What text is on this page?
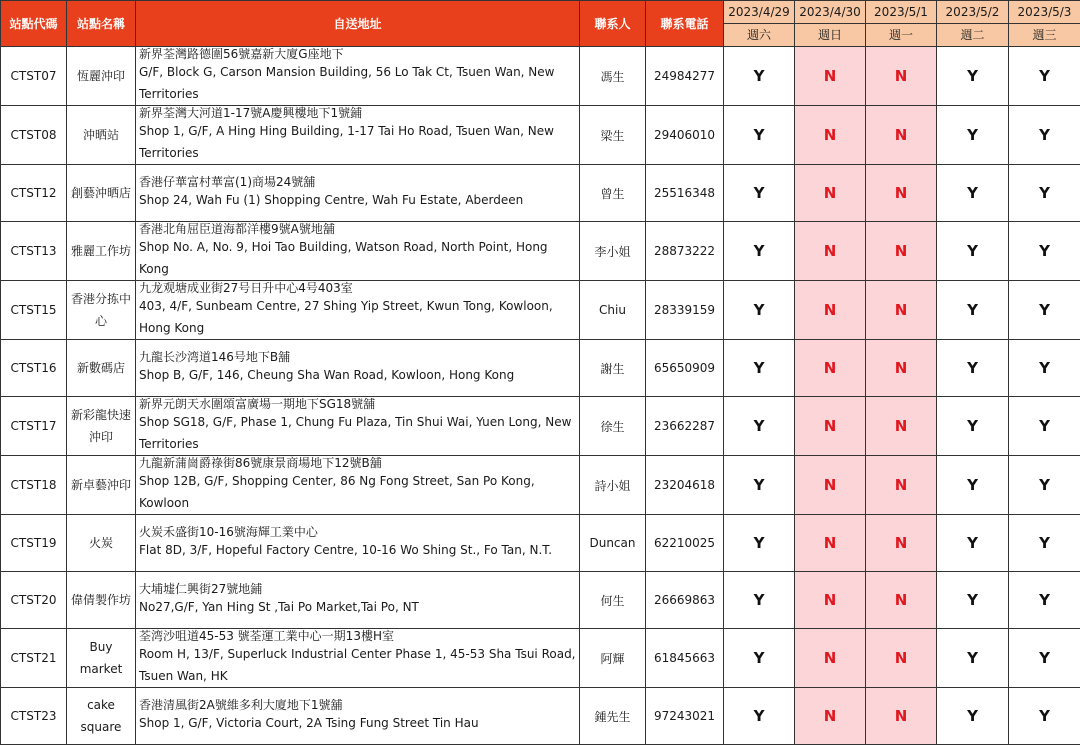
站點代碼	站點名稱	自送地址	聯系人	聯系電話	2023/4/29	2023/4/30	2023/5/1	2023/5/2	2023/5/3
					週六	週日	週一	週二	週三
CTST07	恆麗沖印	新界荃灣路德圍56號嘉新大廈G座地下
G/F, Block G, Carson Mansion Building, 56 Lo Tak Ct, Tsuen Wan, New Territories	馮生	24984277	Y	N	N	Y	Y
CTST08	沖晒站	新界荃灣大河道1-17號A慶興樓地下1號鋪
Shop 1, G/F, A Hing Hing Building, 1-17 Tai Ho Road, Tsuen Wan, New Territories	梁生	29406010	Y	N	N	Y	Y
CTST12	創藝沖晒店	香港仔華富村華富(1)商場24號舖
Shop 24, Wah Fu (1) Shopping Centre, Wah Fu Estate, Aberdeen	曾生	25516348	Y	N	N	Y	Y
CTST13	雅麗工作坊	香港北角屈臣道海都洋樓9號A號地舖
Shop No. A, No. 9, Hoi Tao Building, Watson Road, North Point, Hong Kong	李小姐	28873222	Y	N	N	Y	Y
CTST15	香港分拣中心	九龙观塘成业街27号日升中心4号403室
403, 4/F, Sunbeam Centre, 27 Shing Yip Street, Kwun Tong, Kowloon, Hong Kong	Chiu	28339159	Y	N	N	Y	Y
CTST16	新數碼店	九龍长沙湾道146号地下B舖
Shop B, G/F, 146, Cheung Sha Wan Road, Kowloon, Hong Kong	謝生	65650909	Y	N	N	Y	Y
CTST17	新彩龍快速沖印	新界元朗天水圍頌富廣場一期地下SG18號舖
Shop SG18, G/F, Phase 1, Chung Fu Plaza, Tin Shui Wai, Yuen Long, New Territories	徐生	23662287	Y	N	N	Y	Y
CTST18	新卓藝沖印	九龍新蒲崗爵祿街86號康景商場地下12號B舖
Shop 12B, G/F, Shopping Center, 86 Ng Fong Street, San Po Kong, Kowloon	詩小姐	23204618	Y	N	N	Y	Y
CTST19	火炭	火炭禾盛街10-16號海輝工業中心
Flat 8D, 3/F, Hopeful Factory Centre, 10-16 Wo Shing St., Fo Tan, N.T.	Duncan	62210025	Y	N	N	Y	Y
CTST20	偉倩製作坊	大埔墟仁興街27號地鋪
No27,G/F, Yan Hing St ,Tai Po Market,Tai Po, NT	何生	26669863	Y	N	N	Y	Y
CTST21	Buy market	荃湾沙咀道45-53 號荃運工業中心一期13樓H室
Room H, 13/F, Superluck Industrial Center Phase 1, 45-53 Sha Tsui Road, Tsuen Wan, HK	阿輝	61845663	Y	N	N	Y	Y
CTST23	cake square	香港清風街2A號維多利大廈地下1號舖
Shop 1, G/F, Victoria Court, 2A Tsing Fung Street Tin Hau	鍾先生	97243021	Y	N	N	Y	Y
